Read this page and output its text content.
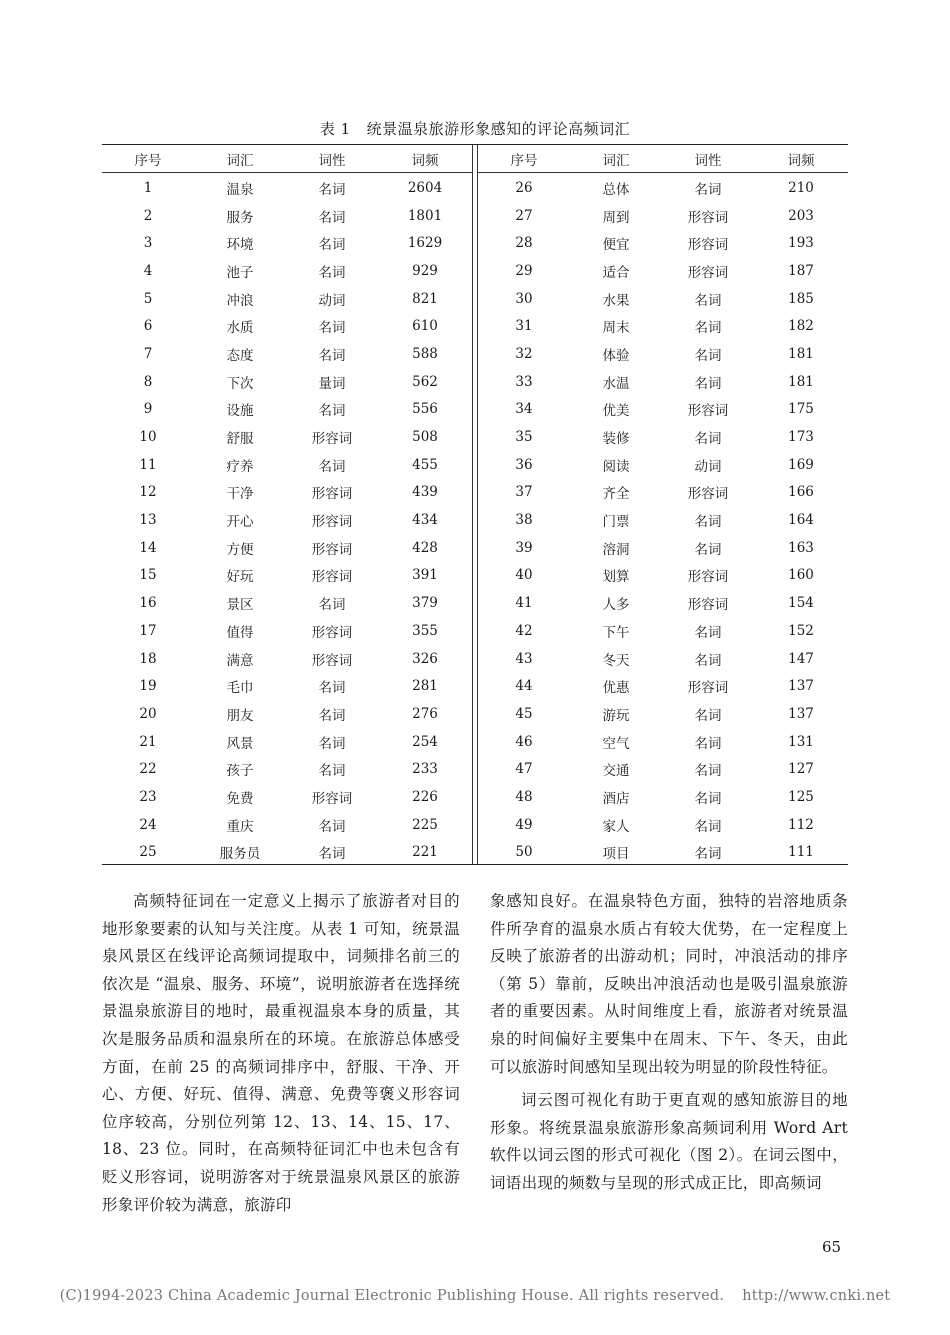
表 1 统景温泉旅游形象感知的评论高频词汇
序号	词汇	词性	词频
1	温泉	名词	2604
2	服务	名词	1801
3	环境	名词	1629
4	池子	名词	929
5	冲浪	动词	821
6	水质	名词	610
7	态度	名词	588
8	下次	量词	562
9	设施	名词	556
10	舒服	形容词	508
11	疗养	名词	455
12	干净	形容词	439
13	开心	形容词	434
14	方便	形容词	428
15	好玩	形容词	391
16	景区	名词	379
17	值得	形容词	355
18	满意	形容词	326
19	毛巾	名词	281
20	朋友	名词	276
21	风景	名词	254
22	孩子	名词	233
23	免费	形容词	226
24	重庆	名词	225
25	服务员	名词	221
序号	词汇	词性	词频
26	总体	名词	210
27	周到	形容词	203
28	便宜	形容词	193
29	适合	形容词	187
30	水果	名词	185
31	周末	名词	182
32	体验	名词	181
33	水温	名词	181
34	优美	形容词	175
35	装修	名词	173
36	阅读	动词	169
37	齐全	形容词	166
38	门票	名词	164
39	溶洞	名词	163
40	划算	形容词	160
41	人多	形容词	154
42	下午	名词	152
43	冬天	名词	147
44	优惠	形容词	137
45	游玩	名词	137
46	空气	名词	131
47	交通	名词	127
48	酒店	名词	125
49	家人	名词	112
50	项目	名词	111

高频特征词在一定意义上揭示了旅游者对目的地形象要素的认知与关注度。从表 1 可知，统景温泉风景区在线评论高频词提取中，词频排名前三的依次是 “温泉、服务、环境”，说明旅游者在选择统景温泉旅游目的地时，最重视温泉本身的质量，其次是服务品质和温泉所在的环境。在旅游总体感受方面，在前 25 的高频词排序中，舒服、干净、开心、方便、好玩、值得、满意、免费等褒义形容词位序较高，分别位列第 12、13、14、15、17、18、23 位。同时，在高频特征词汇中也未包含有贬义形容词，说明游客对于统景温泉风景区的旅游形象评价较为满意，旅游印

象感知良好。在温泉特色方面，独特的岩溶地质条件所孕育的温泉水质占有较大优势，在一定程度上反映了旅游者的出游动机；同时，冲浪活动的排序（第 5）靠前，反映出冲浪活动也是吸引温泉旅游者的重要因素。从时间维度上看，旅游者对统景温泉的时间偏好主要集中在周末、下午、冬天，由此可以旅游时间感知呈现出较为明显的阶段性特征。

词云图可视化有助于更直观的感知旅游目的地形象。将统景温泉旅游形象高频词利用 Word Art 软件以词云图的形式可视化（图 2）。在词云图中，词语出现的频数与呈现的形式成正比，即高频词

65
(C)1994-2023 China Academic Journal Electronic Publishing House. All rights reserved. http://www.cnki.net
